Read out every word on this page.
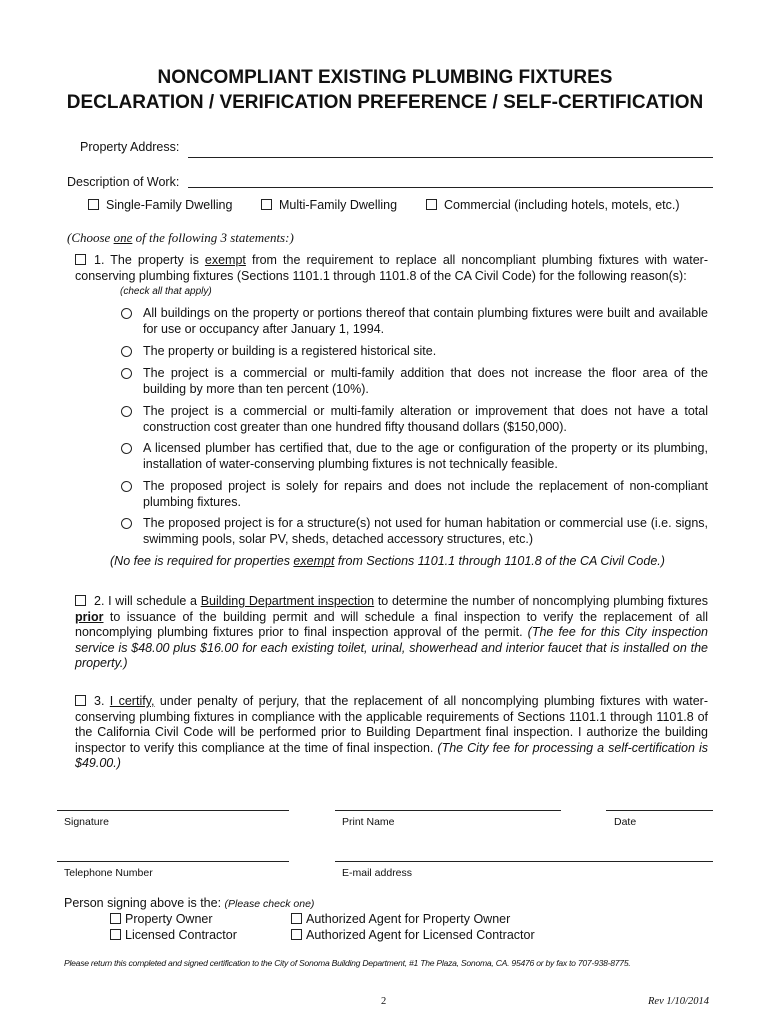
NONCOMPLIANT EXISTING PLUMBING FIXTURES
DECLARATION / VERIFICATION PREFERENCE / SELF-CERTIFICATION
Property Address:
Description of Work:
Single-Family Dwelling	Multi-Family Dwelling	Commercial (including hotels, motels, etc.)
(Choose one of the following 3 statements:)
1. The property is exempt from the requirement to replace all noncompliant plumbing fixtures with water-conserving plumbing fixtures (Sections 1101.1 through 1101.8 of the CA Civil Code) for the following reason(s):
(check all that apply)
All buildings on the property or portions thereof that contain plumbing fixtures were built and available for use or occupancy after January 1, 1994.
The property or building is a registered historical site.
The project is a commercial or multi-family addition that does not increase the floor area of the building by more than ten percent (10%).
The project is a commercial or multi-family alteration or improvement that does not have a total construction cost greater than one hundred fifty thousand dollars ($150,000).
A licensed plumber has certified that, due to the age or configuration of the property or its plumbing, installation of water-conserving plumbing fixtures is not technically feasible.
The proposed project is solely for repairs and does not include the replacement of non-compliant plumbing fixtures.
The proposed project is for a structure(s) not used for human habitation or commercial use (i.e. signs, swimming pools, solar PV, sheds, detached accessory structures, etc.)
(No fee is required for properties exempt from Sections 1101.1 through 1101.8 of the CA Civil Code.)
2. I will schedule a Building Department inspection to determine the number of noncomplying plumbing fixtures prior to issuance of the building permit and will schedule a final inspection to verify the replacement of all noncomplying plumbing fixtures prior to final inspection approval of the permit. (The fee for this City inspection service is $48.00 plus $16.00 for each existing toilet, urinal, showerhead and interior faucet that is installed on the property.)
3. I certify, under penalty of perjury, that the replacement of all noncomplying plumbing fixtures with water-conserving plumbing fixtures in compliance with the applicable requirements of Sections 1101.1 through 1101.8 of the California Civil Code will be performed prior to Building Department final inspection. I authorize the building inspector to verify this compliance at the time of final inspection. (The City fee for processing a self-certification is $49.00.)
Signature	Print Name	Date
Telephone Number	E-mail address
Person signing above is the: (Please check one)
Property Owner	Authorized Agent for Property Owner
Licensed Contractor	Authorized Agent for Licensed Contractor
Please return this completed and signed certification to the City of Sonoma Building Department, #1 The Plaza, Sonoma, CA. 95476 or by fax to 707-938-8775.
2	Rev 1/10/2014
